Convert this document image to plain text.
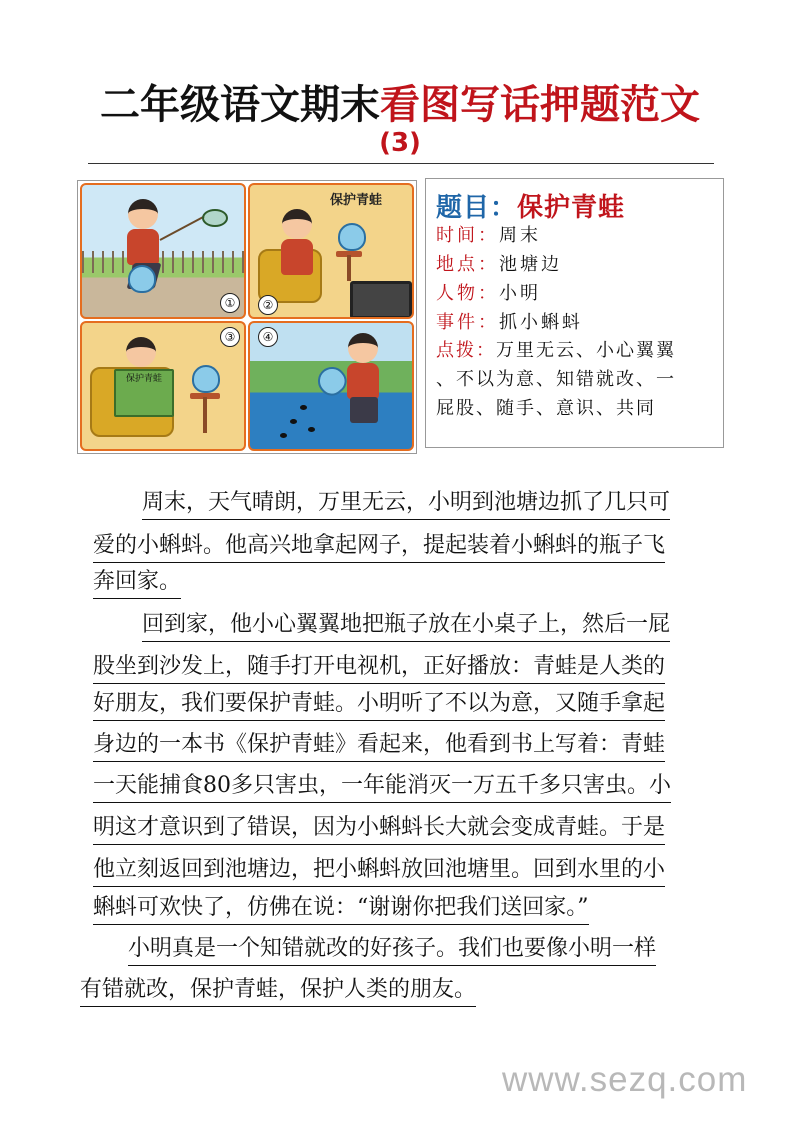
二年级语文期末看图写话押题范文
(3)
①
保护青蛙
②
保护青蛙
③	④
题目：保护青蛙
时间：周末
地点：池塘边
人物：小明
事件：抓小蝌蚪
点拨：万里无云、小心翼翼
、不以为意、知错就改、一
屁股、随手、意识、共同
周末，天气晴朗，万里无云，小明到池塘边抓了几只可
爱的小蝌蚪。他高兴地拿起网子，提起装着小蝌蚪的瓶子飞
奔回家。
回到家，他小心翼翼地把瓶子放在小桌子上，然后一屁
股坐到沙发上，随手打开电视机，正好播放：青蛙是人类的
好朋友，我们要保护青蛙。小明听了不以为意，又随手拿起
身边的一本书《保护青蛙》看起来，他看到书上写着：青蛙
一天能捕食80多只害虫，一年能消灭一万五千多只害虫。小
明这才意识到了错误，因为小蝌蚪长大就会变成青蛙。于是
他立刻返回到池塘边，把小蝌蚪放回池塘里。回到水里的小
蝌蚪可欢快了，仿佛在说：“谢谢你把我们送回家。”
小明真是一个知错就改的好孩子。我们也要像小明一样
有错就改，保护青蛙，保护人类的朋友。
www.sezq.com
